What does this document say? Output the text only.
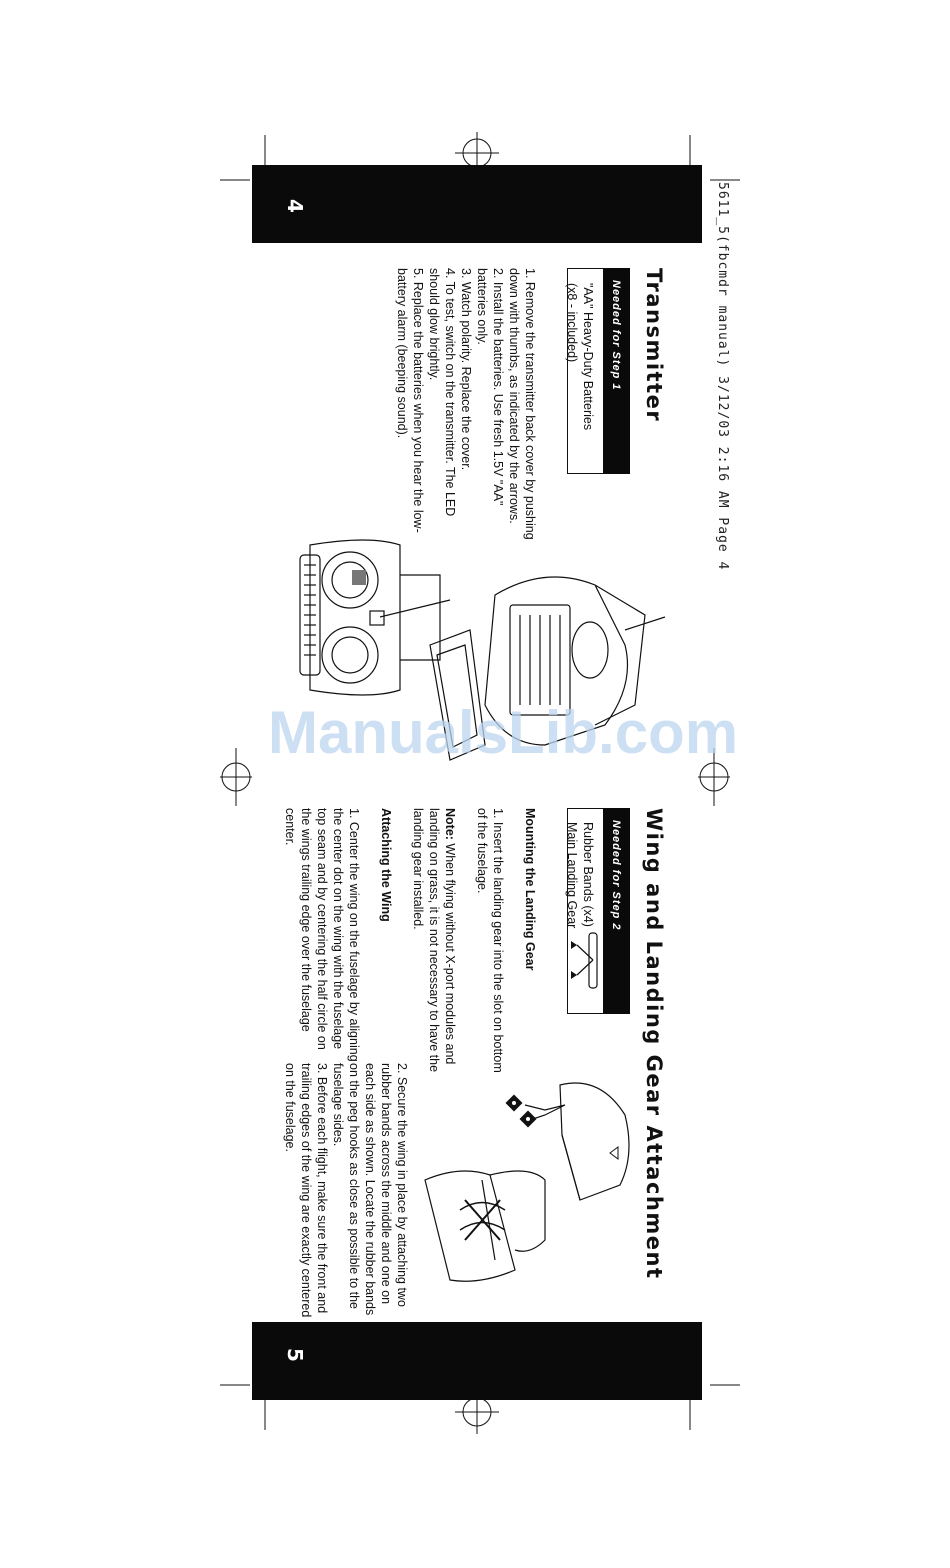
5611_5(fbcmdr manual) 3/12/03 2:16 AM Page 4
4
5
Transmitter
Needed for Step 1
"AA" Heavy-Duty Batteries
(x8 - included)
1. Remove the transmitter back cover by pushing
down with thumbs, as indicated by the arrows.
2. Install the batteries. Use fresh 1.5V "AA"
batteries only.
3. Watch polarity. Replace the cover.
4. To test, switch on the transmitter. The LED
should glow brightly.
5. Replace the batteries when you hear the low-
battery alarm (beeping sound).
ManualsLib.com
Wing and Landing Gear Attachment
Needed for Step 2
Rubber Bands (x4)
Main Landing Gear
Mounting the Landing Gear
1. Insert the landing gear into the slot on bottom
of the fuselage.
Note: When flying without X-port modules and
landing on grass, it is not necessary to have the
landing gear installed.
Attaching the Wing
1. Center the wing on the fuselage by aligning
the center dot on the wing with the fuselage
top seam and by centering the half circle on
the wings trailing edge over the fuselage
center.
2. Secure the wing in place by attaching two
rubber bands across the middle and one on
each side as shown. Locate the rubber bands
on the peg hooks as close as possible to the
fuselage sides.
3. Before each flight, make sure the front and
trailing edges of the wing are exactly centered
on the fuselage.
